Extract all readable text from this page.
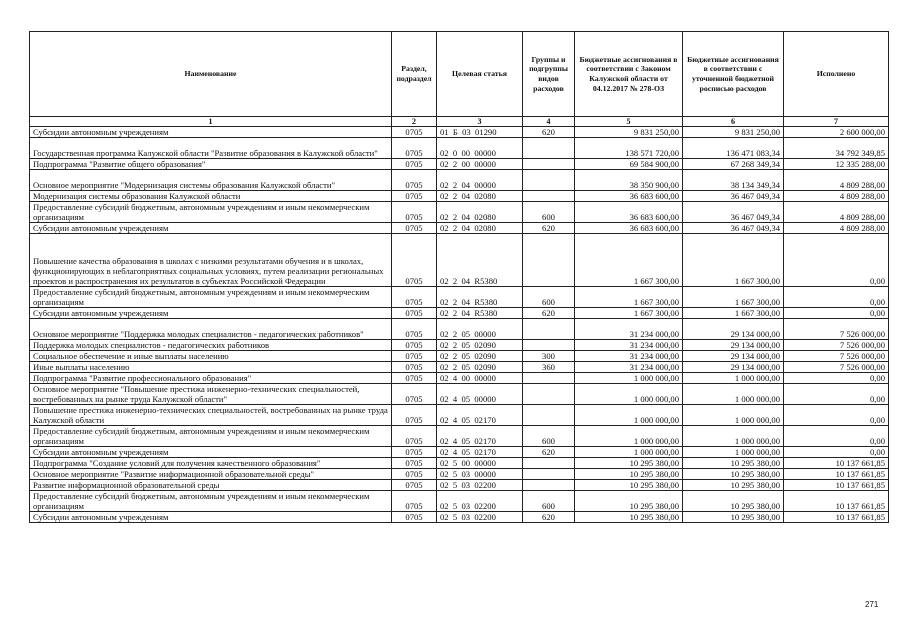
Наименование	Раздел, подраздел	Целевая статья	Группы и подгруппы видов расходов	Бюджетные ассигнования в соответствии с Законом Калужской области от 04.12.2017 № 278-ОЗ	Бюджетные ассигнования в соответствии с уточненной бюджетной росписью расходов	Исполнено
1	2	3	4	5	6	7
Субсидии автономным учреждениям	0705	01  Б  03  01290	620	9 831 250,00	9 831 250,00	2 600 000,00
Государственная программа Калужской области "Развитие образования в Калужской области"	0705	02  0  00  00000		138 571 720,00	136 471 083,34	34 792 349,85
Подпрограмма "Развитие общего образования"	0705	02  2  00  00000		69 584 900,00	67 268 349,34	12 335 288,00
Основное мероприятие "Модернизация системы образования Калужской области"	0705	02  2  04  00000		38 350 900,00	38 134 349,34	4 809 288,00
Модернизация системы образования Калужской области	0705	02  2  04  02080		36 683 600,00	36 467 049,34	4 809 288,00
Предоставление субсидий бюджетным, автономным учреждениям и иным некоммерческим организациям	0705	02  2  04  02080	600	36 683 600,00	36 467 049,34	4 809 288,00
Субсидии автономным учреждениям	0705	02  2  04  02080	620	36 683 600,00	36 467 049,34	4 809 288,00
Повышение качества образования в школах с низкими результатами обучения и в школах, функционирующих в неблагоприятных социальных условиях, путем реализации региональных проектов и распространения их результатов в субъектах Российской Федерации	0705	02  2  04  R5380		1 667 300,00	1 667 300,00	0,00
Предоставление субсидий бюджетным, автономным учреждениям и иным некоммерческим организациям	0705	02  2  04  R5380	600	1 667 300,00	1 667 300,00	0,00
Субсидии автономным учреждениям	0705	02  2  04  R5380	620	1 667 300,00	1 667 300,00	0,00
Основное мероприятие "Поддержка молодых специалистов - педагогических работников"	0705	02  2  05  00000		31 234 000,00	29 134 000,00	7 526 000,00
Поддержка молодых специалистов - педагогических работников	0705	02  2  05  02090		31 234 000,00	29 134 000,00	7 526 000,00
Социальное обеспечение и иные выплаты населению	0705	02  2  05  02090	300	31 234 000,00	29 134 000,00	7 526 000,00
Иные выплаты населению	0705	02  2  05  02090	360	31 234 000,00	29 134 000,00	7 526 000,00
Подпрограмма "Развитие профессионального образования"	0705	02  4  00  00000		1 000 000,00	1 000 000,00	0,00
Основное мероприятие "Повышение престижа инженерно-технических специальностей, востребованных на рынке труда Калужской области"	0705	02  4  05  00000		1 000 000,00	1 000 000,00	0,00
Повышение престижа инженерно-технических специальностей, востребованных на рынке труда Калужской области	0705	02  4  05  02170		1 000 000,00	1 000 000,00	0,00
Предоставление субсидий бюджетным, автономным учреждениям и иным некоммерческим организациям	0705	02  4  05  02170	600	1 000 000,00	1 000 000,00	0,00
Субсидии автономным учреждениям	0705	02  4  05  02170	620	1 000 000,00	1 000 000,00	0,00
Подпрограмма "Создание условий для получения качественного образования"	0705	02  5  00  00000		10 295 380,00	10 295 380,00	10 137 661,85
Основное мероприятие "Развитие информационной образовательной среды"	0705	02  5  03  00000		10 295 380,00	10 295 380,00	10 137 661,85
Развитие информационной образовательной среды	0705	02  5  03  02200		10 295 380,00	10 295 380,00	10 137 661,85
Предоставление субсидий бюджетным, автономным учреждениям и иным некоммерческим организациям	0705	02  5  03  02200	600	10 295 380,00	10 295 380,00	10 137 661,85
Субсидии автономным учреждениям	0705	02  5  03  02200	620	10 295 380,00	10 295 380,00	10 137 661,85
271
